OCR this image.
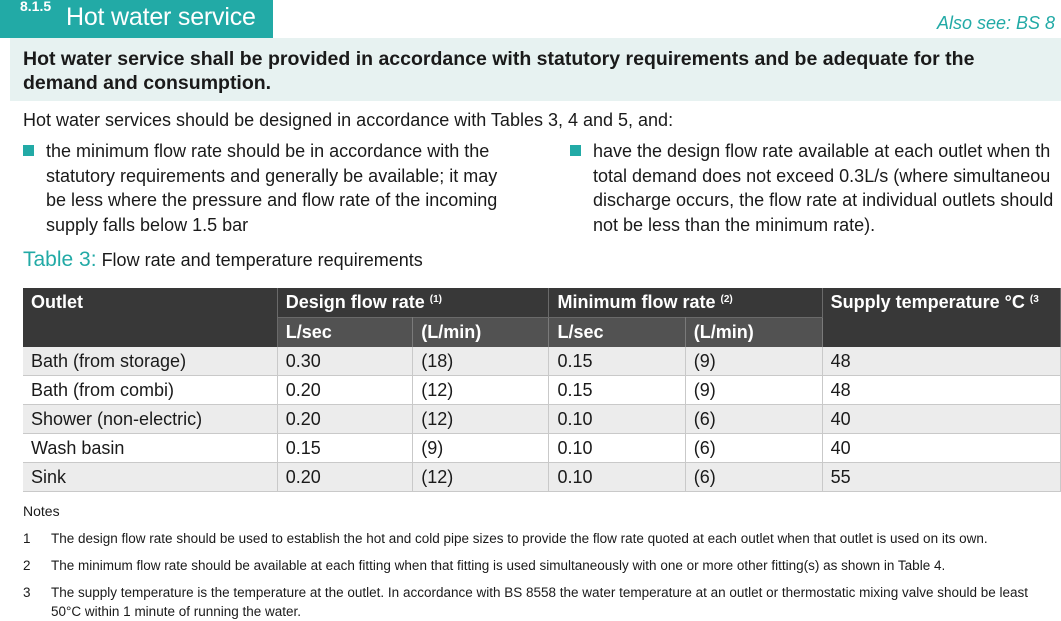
8.1.5 Hot water service	Also see: BS 8
Hot water service shall be provided in accordance with statutory requirements and be adequate for the demand and consumption.
Hot water services should be designed in accordance with Tables 3, 4 and 5, and:
the minimum flow rate should be in accordance with the
statutory requirements and generally be available; it may
be less where the pressure and flow rate of the incoming
supply falls below 1.5 bar
have the design flow rate available at each outlet when th
total demand does not exceed 0.3L/s (where simultaneou
discharge occurs, the flow rate at individual outlets should
not be less than the minimum rate).
Table 3: Flow rate and temperature requirements
Outlet	Design flow rate $^{(1)}$		Minimum flow rate $^{(2)}$		Supply temperature °C $^{(3}$
	L/sec	(L/min)	L/sec	(L/min)	
Bath (from storage)	0.30	(18)	0.15	(9)	48
Bath (from combi)	0.20	(12)	0.15	(9)	48
Shower (non-electric)	0.20	(12)	0.10	(6)	40
Wash basin	0.15	(9)	0.10	(6)	40
Sink	0.20	(12)	0.10	(6)	55
Notes
1 The design flow rate should be used to establish the hot and cold pipe sizes to provide the flow rate quoted at each outlet when that outlet is used on its own.
2 The minimum flow rate should be available at each fitting when that fitting is used simultaneously with one or more other fitting(s) as shown in Table 4.
3 The supply temperature is the temperature at the outlet. In accordance with BS 8558 the water temperature at an outlet or thermostatic mixing valve should be least 50°C within 1 minute of running the water.
